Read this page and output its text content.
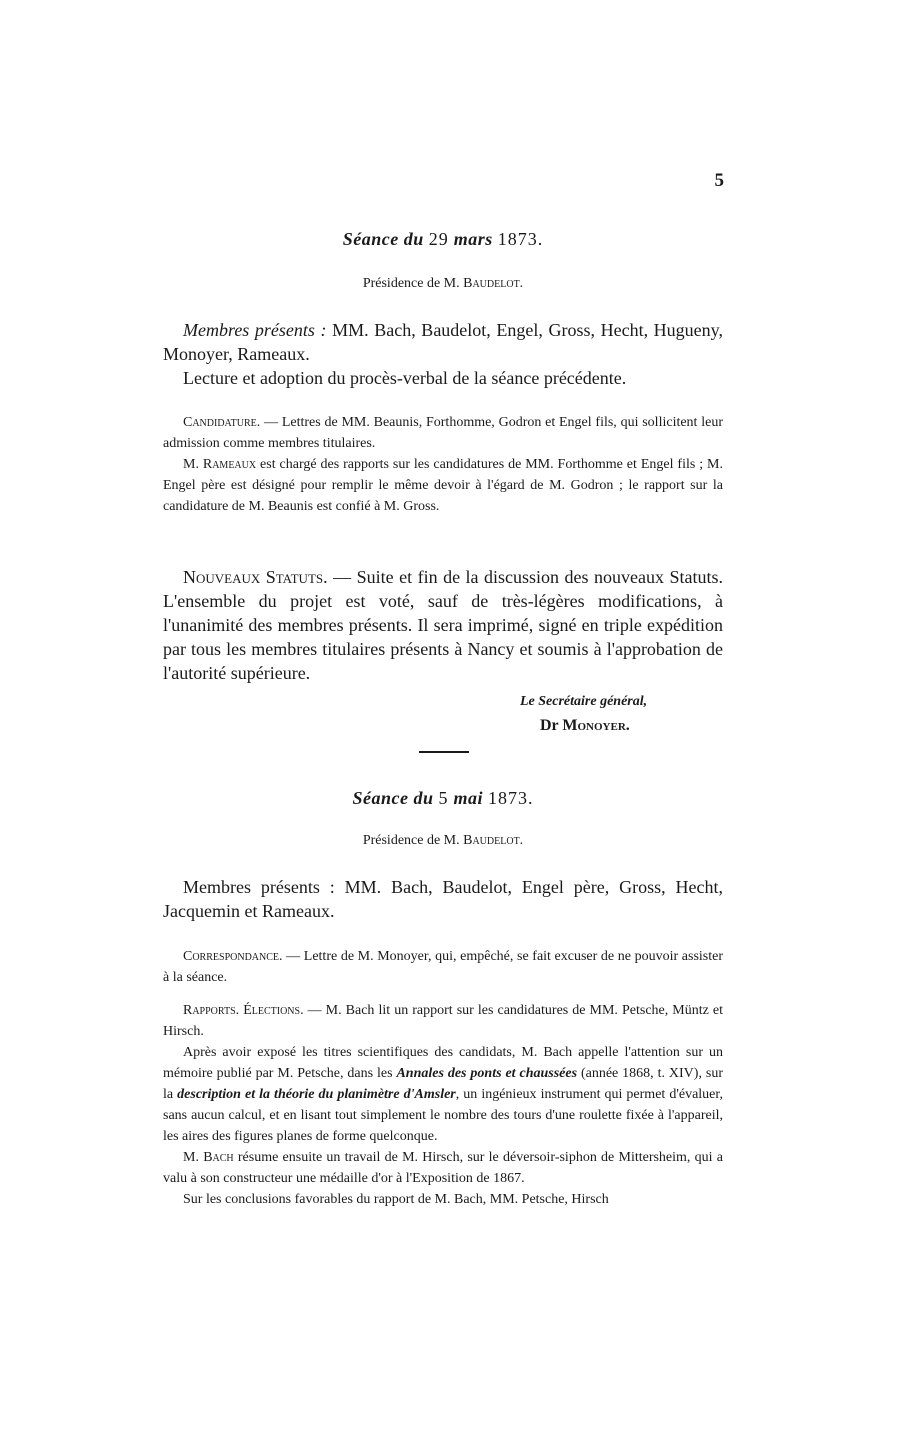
5
Séance du 29 mars 1873.
Présidence de M. Baudelot.

Membres présents : MM. Bach, Baudelot, Engel, Gross, Hecht, Hugueny, Monoyer, Rameaux.

Lecture et adoption du procès-verbal de la séance précédente.

Candidature. — Lettres de MM. Beaunis, Forthomme, Godron et Engel fils, qui sollicitent leur admission comme membres titulaires.

M. Rameaux est chargé des rapports sur les candidatures de MM. Forthomme et Engel fils ; M. Engel père est désigné pour remplir le même devoir à l'égard de M. Godron ; le rapport sur la candidature de M. Beaunis est confié à M. Gross.

Nouveaux Statuts. — Suite et fin de la discussion des nouveaux Statuts. L'ensemble du projet est voté, sauf de très-légères modifications, à l'unanimité des membres présents. Il sera imprimé, signé en triple expédition par tous les membres titulaires présents à Nancy et soumis à l'approbation de l'autorité supérieure.

Le Secrétaire général,
Dr Monoyer.
Séance du 5 mai 1873.
Présidence de M. Baudelot.

Membres présents : MM. Bach, Baudelot, Engel père, Gross, Hecht, Jacquemin et Rameaux.

Correspondance. — Lettre de M. Monoyer, qui, empêché, se fait excuser de ne pouvoir assister à la séance.

Rapports. Élections. — M. Bach lit un rapport sur les candidatures de MM. Petsche, Müntz et Hirsch.

Après avoir exposé les titres scientifiques des candidats, M. Bach appelle l'attention sur un mémoire publié par M. Petsche, dans les Annales des ponts et chaussées (année 1868, t. XIV), sur la description et la théorie du planimètre d'Amsler, un ingénieux instrument qui permet d'évaluer, sans aucun calcul, et en lisant tout simplement le nombre des tours d'une roulette fixée à l'appareil, les aires des figures planes de forme quelconque.

M. Bach résume ensuite un travail de M. Hirsch, sur le déversoir-siphon de Mittersheim, qui a valu à son constructeur une médaille d'or à l'Exposition de 1867.

Sur les conclusions favorables du rapport de M. Bach, MM. Petsche, Hirsch
